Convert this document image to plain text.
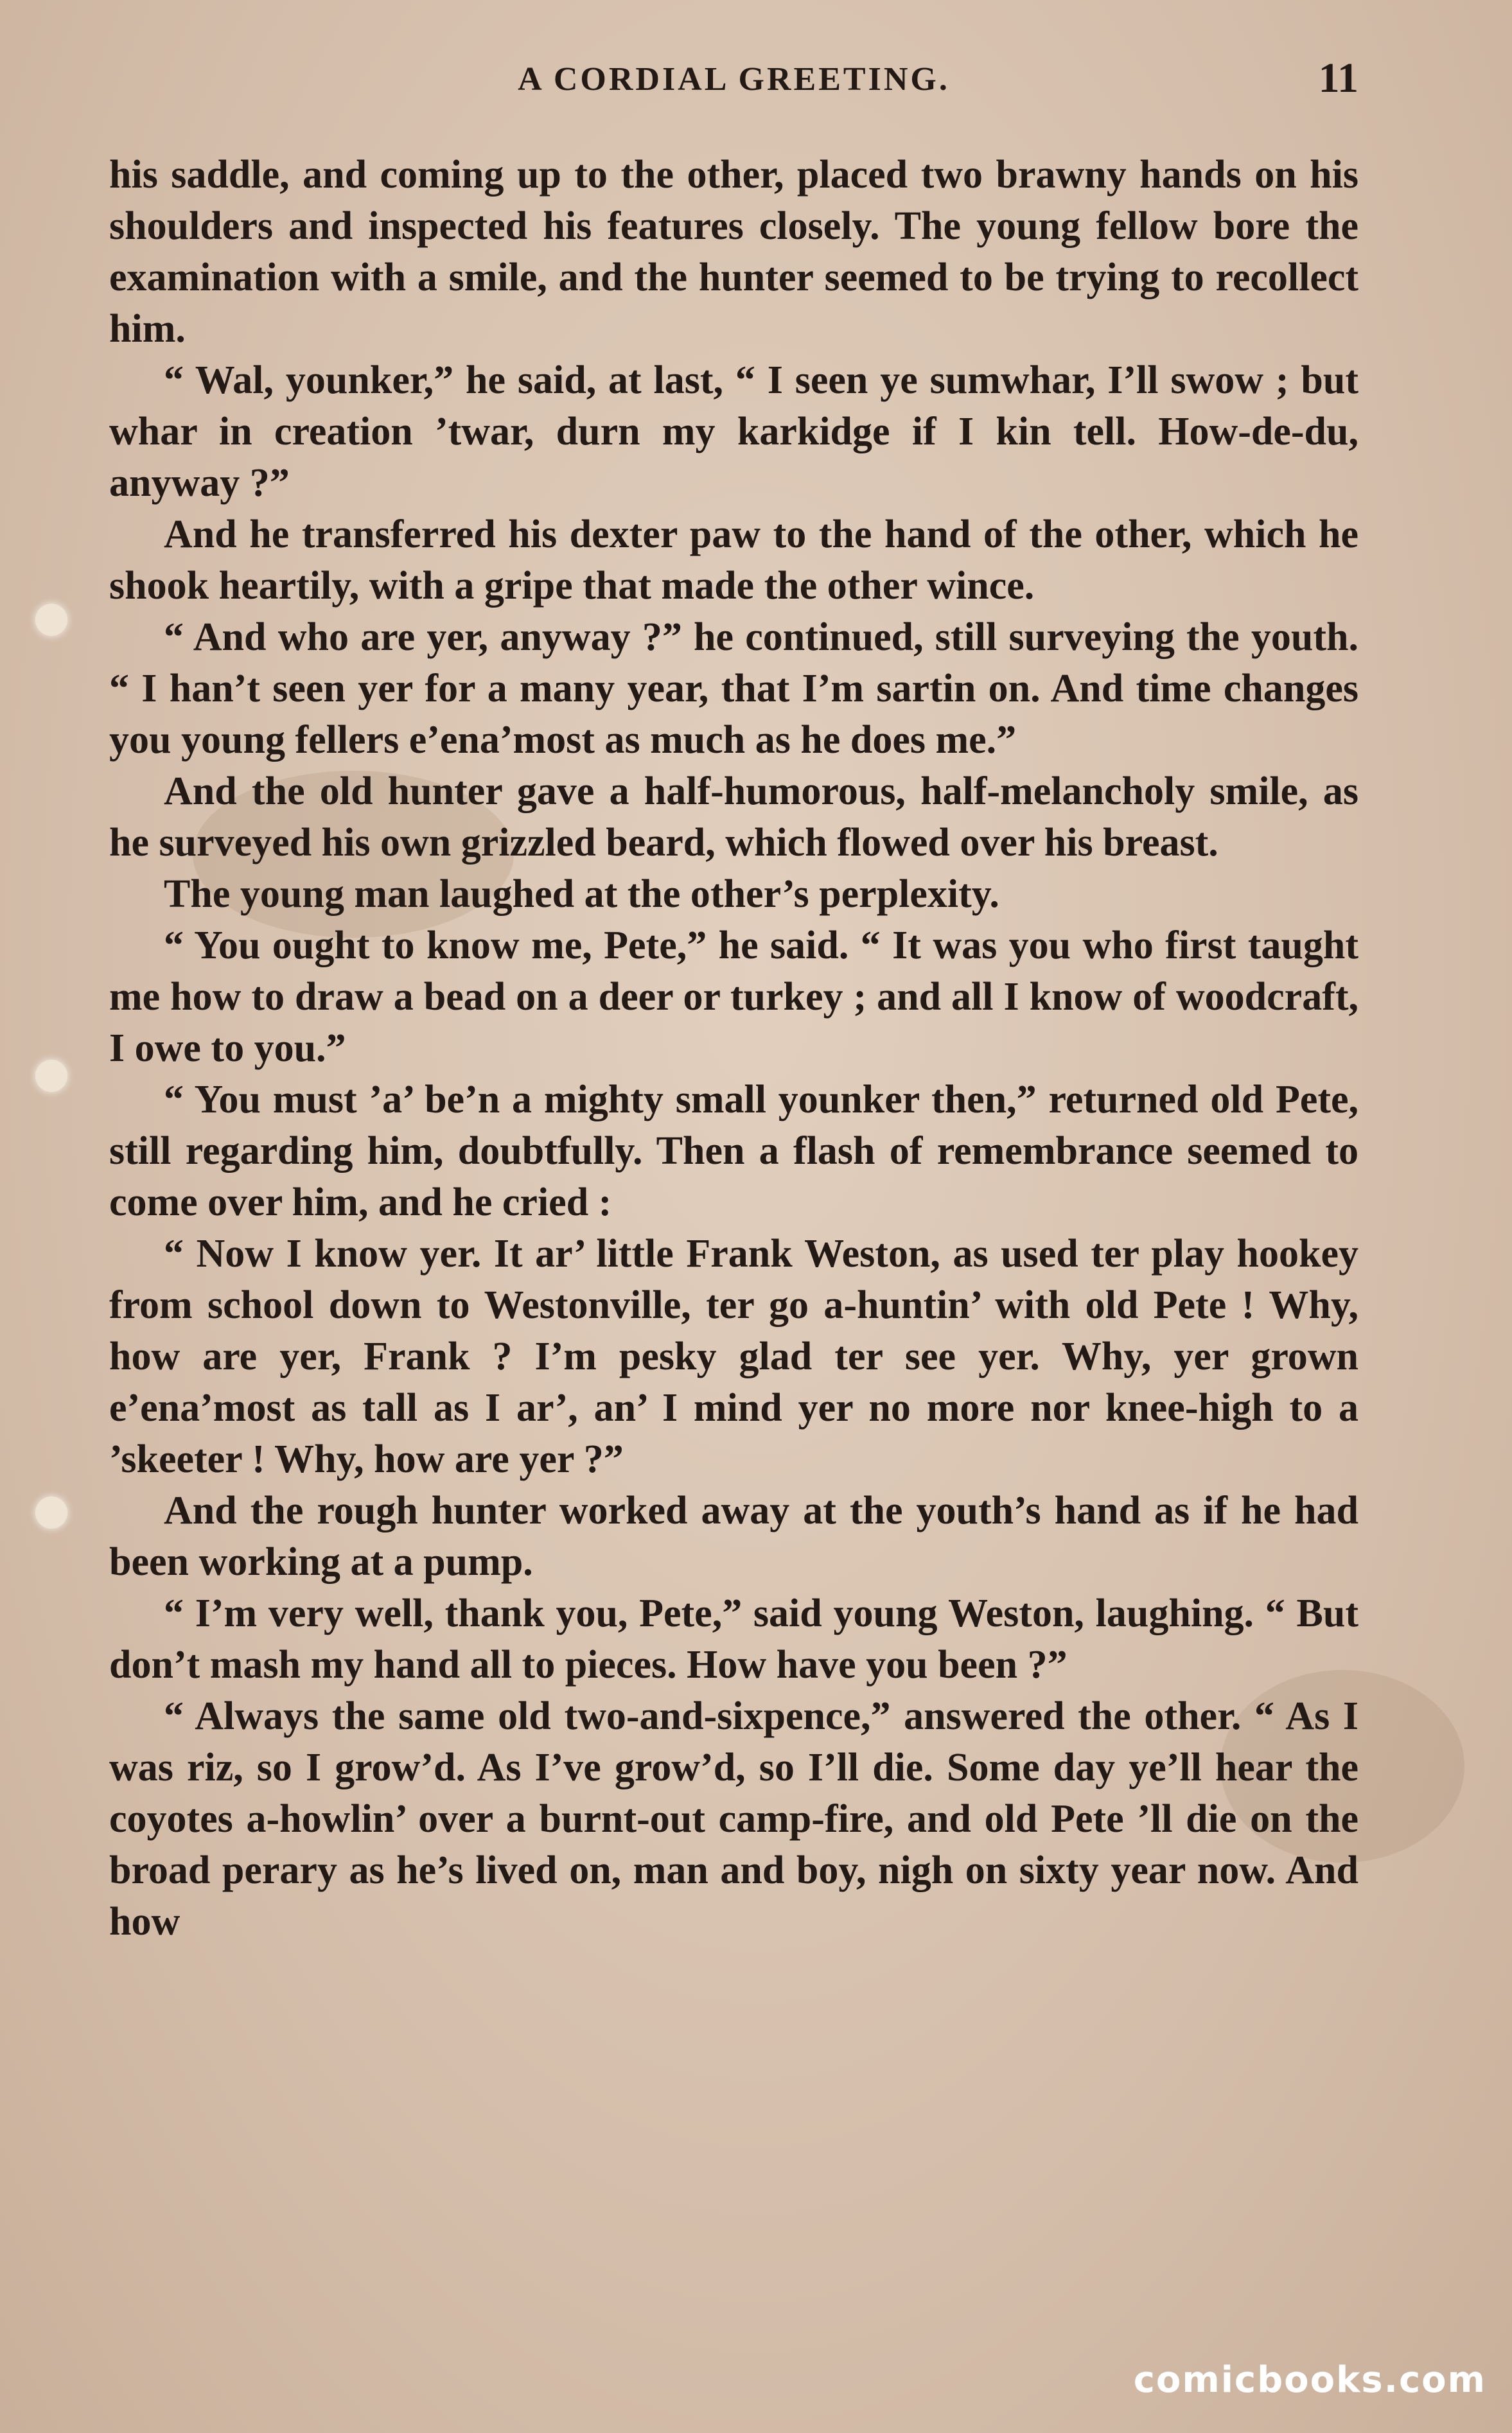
A CORDIAL GREETING.	11

his saddle, and coming up to the other, placed two brawny hands on his shoulders and inspected his features closely. The young fellow bore the examination with a smile, and the hunter seemed to be trying to recollect him.

“ Wal, younker,” he said, at last, “ I seen ye sumwhar, I’ll swow ; but whar in creation ’twar, durn my karkidge if I kin tell. How-de-du, anyway ?”

And he transferred his dexter paw to the hand of the other, which he shook heartily, with a gripe that made the other wince.

“ And who are yer, anyway ?” he continued, still surveying the youth. “ I han’t seen yer for a many year, that I’m sartin on. And time changes you young fellers e’ena’most as much as he does me.”

And the old hunter gave a half-humorous, half-melancholy smile, as he surveyed his own grizzled beard, which flowed over his breast.

The young man laughed at the other’s perplexity.

“ You ought to know me, Pete,” he said. “ It was you who first taught me how to draw a bead on a deer or turkey ; and all I know of woodcraft, I owe to you.”

“ You must ’a’ be’n a mighty small younker then,” returned old Pete, still regarding him, doubtfully. Then a flash of remembrance seemed to come over him, and he cried :

“ Now I know yer. It ar’ little Frank Weston, as used ter play hookey from school down to Westonville, ter go a-huntin’ with old Pete ! Why, how are yer, Frank ? I’m pesky glad ter see yer. Why, yer grown e’ena’most as tall as I ar’, an’ I mind yer no more nor knee-high to a ’skeeter ! Why, how are yer ?”

And the rough hunter worked away at the youth’s hand as if he had been working at a pump.

“ I’m very well, thank you, Pete,” said young Weston, laughing. “ But don’t mash my hand all to pieces. How have you been ?”

“ Always the same old two-and-sixpence,” answered the other. “ As I was riz, so I grow’d. As I’ve grow’d, so I’ll die. Some day ye’ll hear the coyotes a-howlin’ over a burnt-out camp-fire, and old Pete ’ll die on the broad perary as he’s lived on, man and boy, nigh on sixty year now. And how

comicbooks.com
